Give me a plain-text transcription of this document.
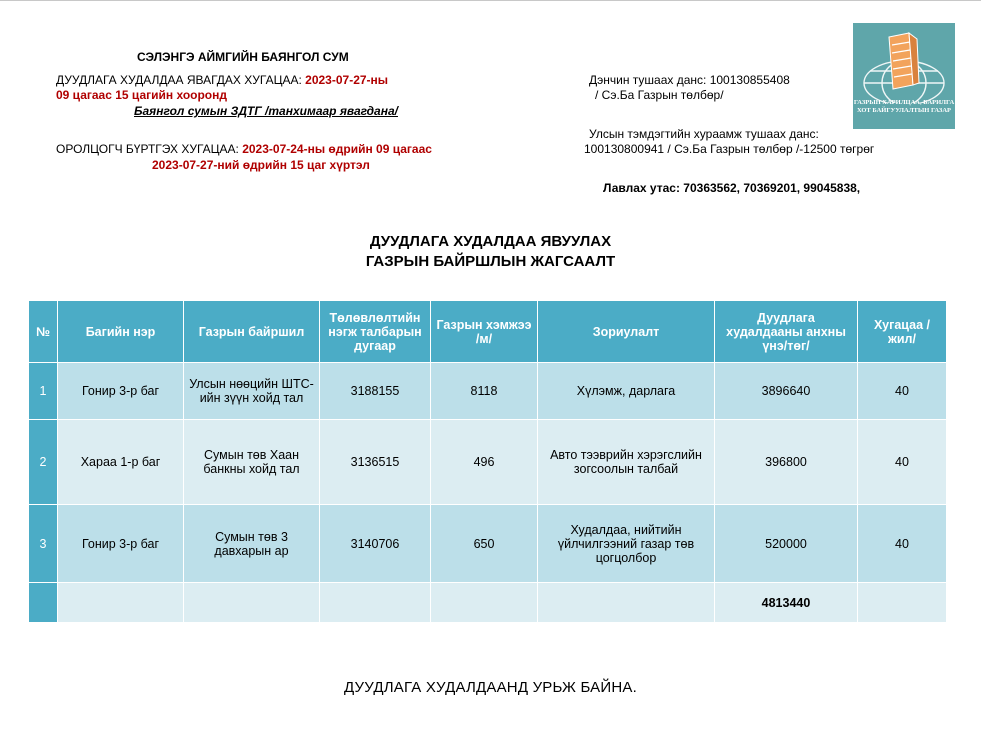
СЭЛЭНГЭ АЙМГИЙН БАЯНГОЛ СУМ
ДУУДЛАГА ХУДАЛДАА ЯВАГДАХ ХУГАЦАА: 2023-07-27-ны
09 цагаас 15 цагийн хооронд
Баянгол сумын ЗДТГ /танхимаар явагдана/
ОРОЛЦОГЧ БҮРТГЭХ ХУГАЦАА: 2023-07-24-ны өдрийн 09 цагаас
2023-07-27-ний өдрийн 15 цаг хүртэл
Дэнчин тушаах данс: 100130855408
/ Сэ.Ба Газрын төлбөр/
Улсын тэмдэгтийн хураамж тушаах данс:
100130800941 / Сэ.Ба Газрын төлбөр /-12500 төгрөг
Лавлах утас: 70363562, 70369201, 99045838,
ГАЗРЫН ХАРИЛЦАА, БАРИЛГА ХОТ БАЙГУУЛАЛТЫН ГАЗАР
ДУУДЛАГА ХУДАЛДАА ЯВУУЛАХ
ГАЗРЫН БАЙРШЛЫН ЖАГСААЛТ
№	Багийн нэр	Газрын байршил	Төлөвлөлтийн нэгж талбарын дугаар	Газрын хэмжээ /м/	Зориулалт	Дуудлага худалдааны анхны үнэ/төг/	Хугацаа /жил/
1	Гонир 3-р баг	Улсын нөөцийн ШТС-ийн зүүн хойд тал	3188155	8118	Хүлэмж, дарлага	3896640	40
2	Хараа 1-р баг	Сумын төв Хаан банкны хойд тал	3136515	496	Авто тээврийн хэрэгслийн зогсоолын талбай	396800	40
3	Гонир 3-р баг	Сумын төв 3 давхарын ар	3140706	650	Худалдаа, нийтийн үйлчилгээний газар төв цогцолбор	520000	40
						4813440	
ДУУДЛАГА ХУДАЛДААНД УРЬЖ БАЙНА.
